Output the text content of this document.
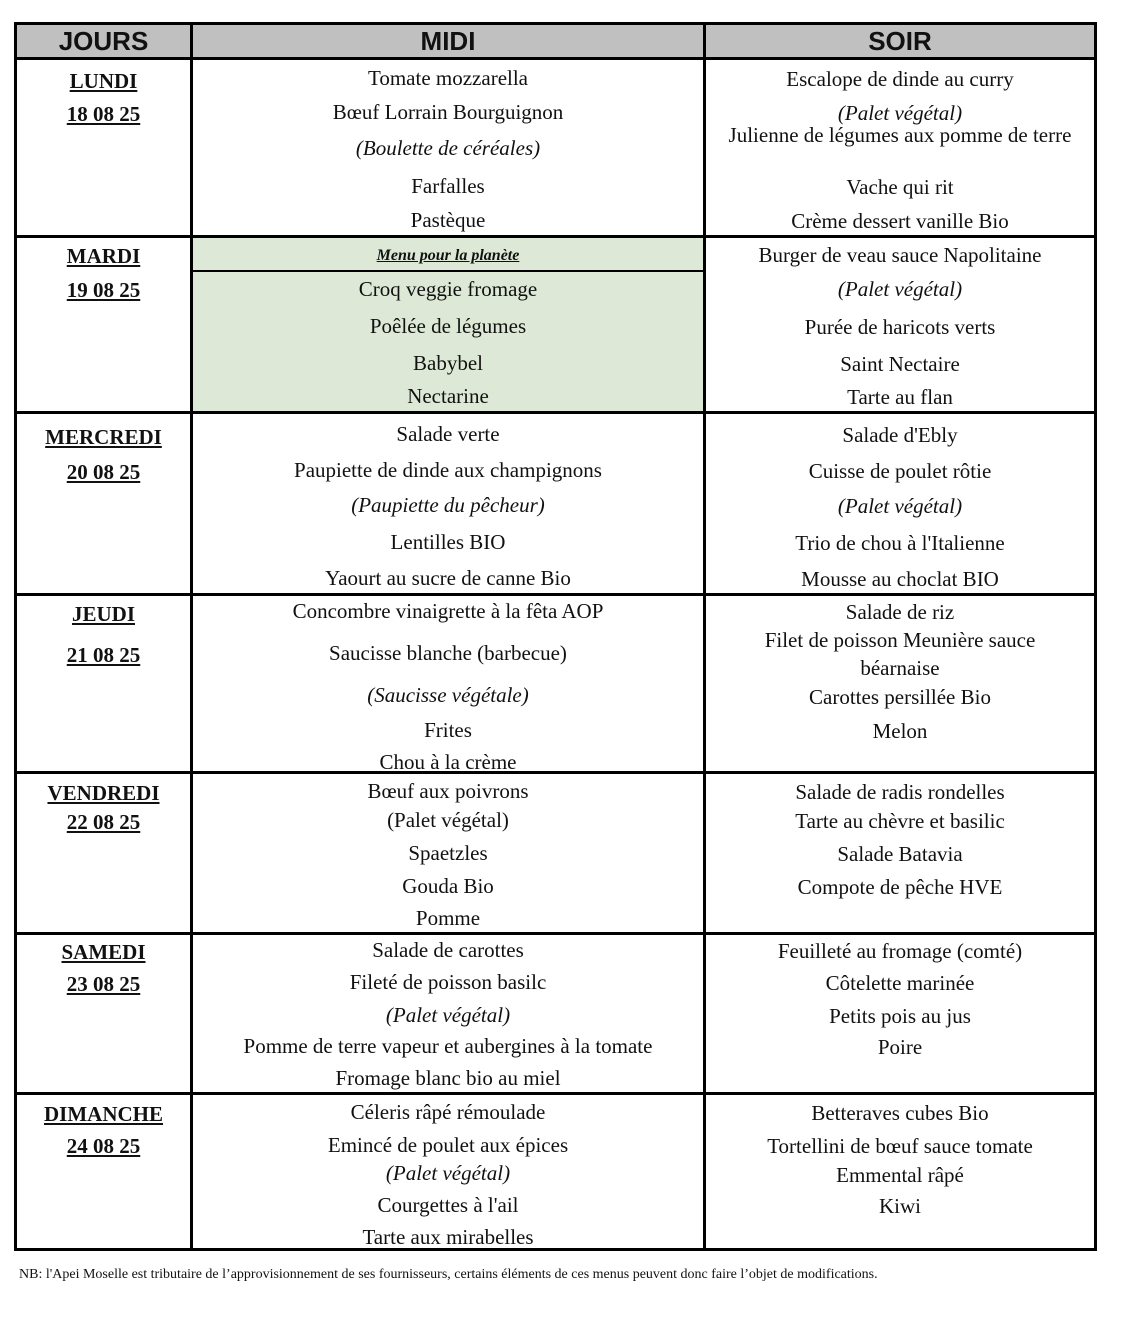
JOURS	MIDI	SOIR
LUNDI
18 08 25
Tomate mozzarella
Bœuf Lorrain Bourguignon
(Boulette de céréales)
Farfalles
Pastèque
Escalope de dinde au curry
(Palet végétal)
Julienne de légumes aux pomme de terre
Vache qui rit
Crème dessert vanille Bio
MARDI
19 08 25
Menu pour la planète
Croq veggie fromage
Poêlée de légumes
Babybel
Nectarine
Burger de veau sauce Napolitaine
(Palet végétal)
Purée de haricots verts
Saint Nectaire
Tarte au flan
MERCREDI
20 08 25
Salade verte
Paupiette de dinde aux champignons
(Paupiette du pêcheur)
Lentilles BIO
Yaourt au sucre de canne Bio
Salade d'Ebly
Cuisse de poulet rôtie
(Palet végétal)
Trio de chou à l'Italienne
Mousse au choclat BIO
JEUDI
21 08 25
Concombre vinaigrette à la fêta AOP
Saucisse blanche (barbecue)
(Saucisse végétale)
Frites
Chou à la crème
Salade de riz
Filet de poisson Meunière sauce
béarnaise
Carottes persillée Bio
Melon
VENDREDI
22 08 25
Bœuf aux poivrons
(Palet végétal)
Spaetzles
Gouda Bio
Pomme
Salade de radis rondelles
Tarte au chèvre et basilic
Salade Batavia
Compote de pêche HVE
SAMEDI
23 08 25
Salade de carottes
Fileté de poisson basilc
(Palet végétal)
Pomme de terre vapeur et aubergines à la tomate
Fromage blanc bio au miel
Feuilleté au fromage (comté)
Côtelette marinée
Petits pois au jus
Poire
DIMANCHE
24 08 25
Céleris râpé rémoulade
Emincé de poulet aux épices
(Palet végétal)
Courgettes à l'ail
Tarte aux mirabelles
Betteraves cubes Bio
Tortellini de bœuf sauce tomate
Emmental râpé
Kiwi
NB: l'Apei Moselle est tributaire de l’approvisionnement de ses fournisseurs, certains éléments de ces menus peuvent donc faire l’objet de modifications.
